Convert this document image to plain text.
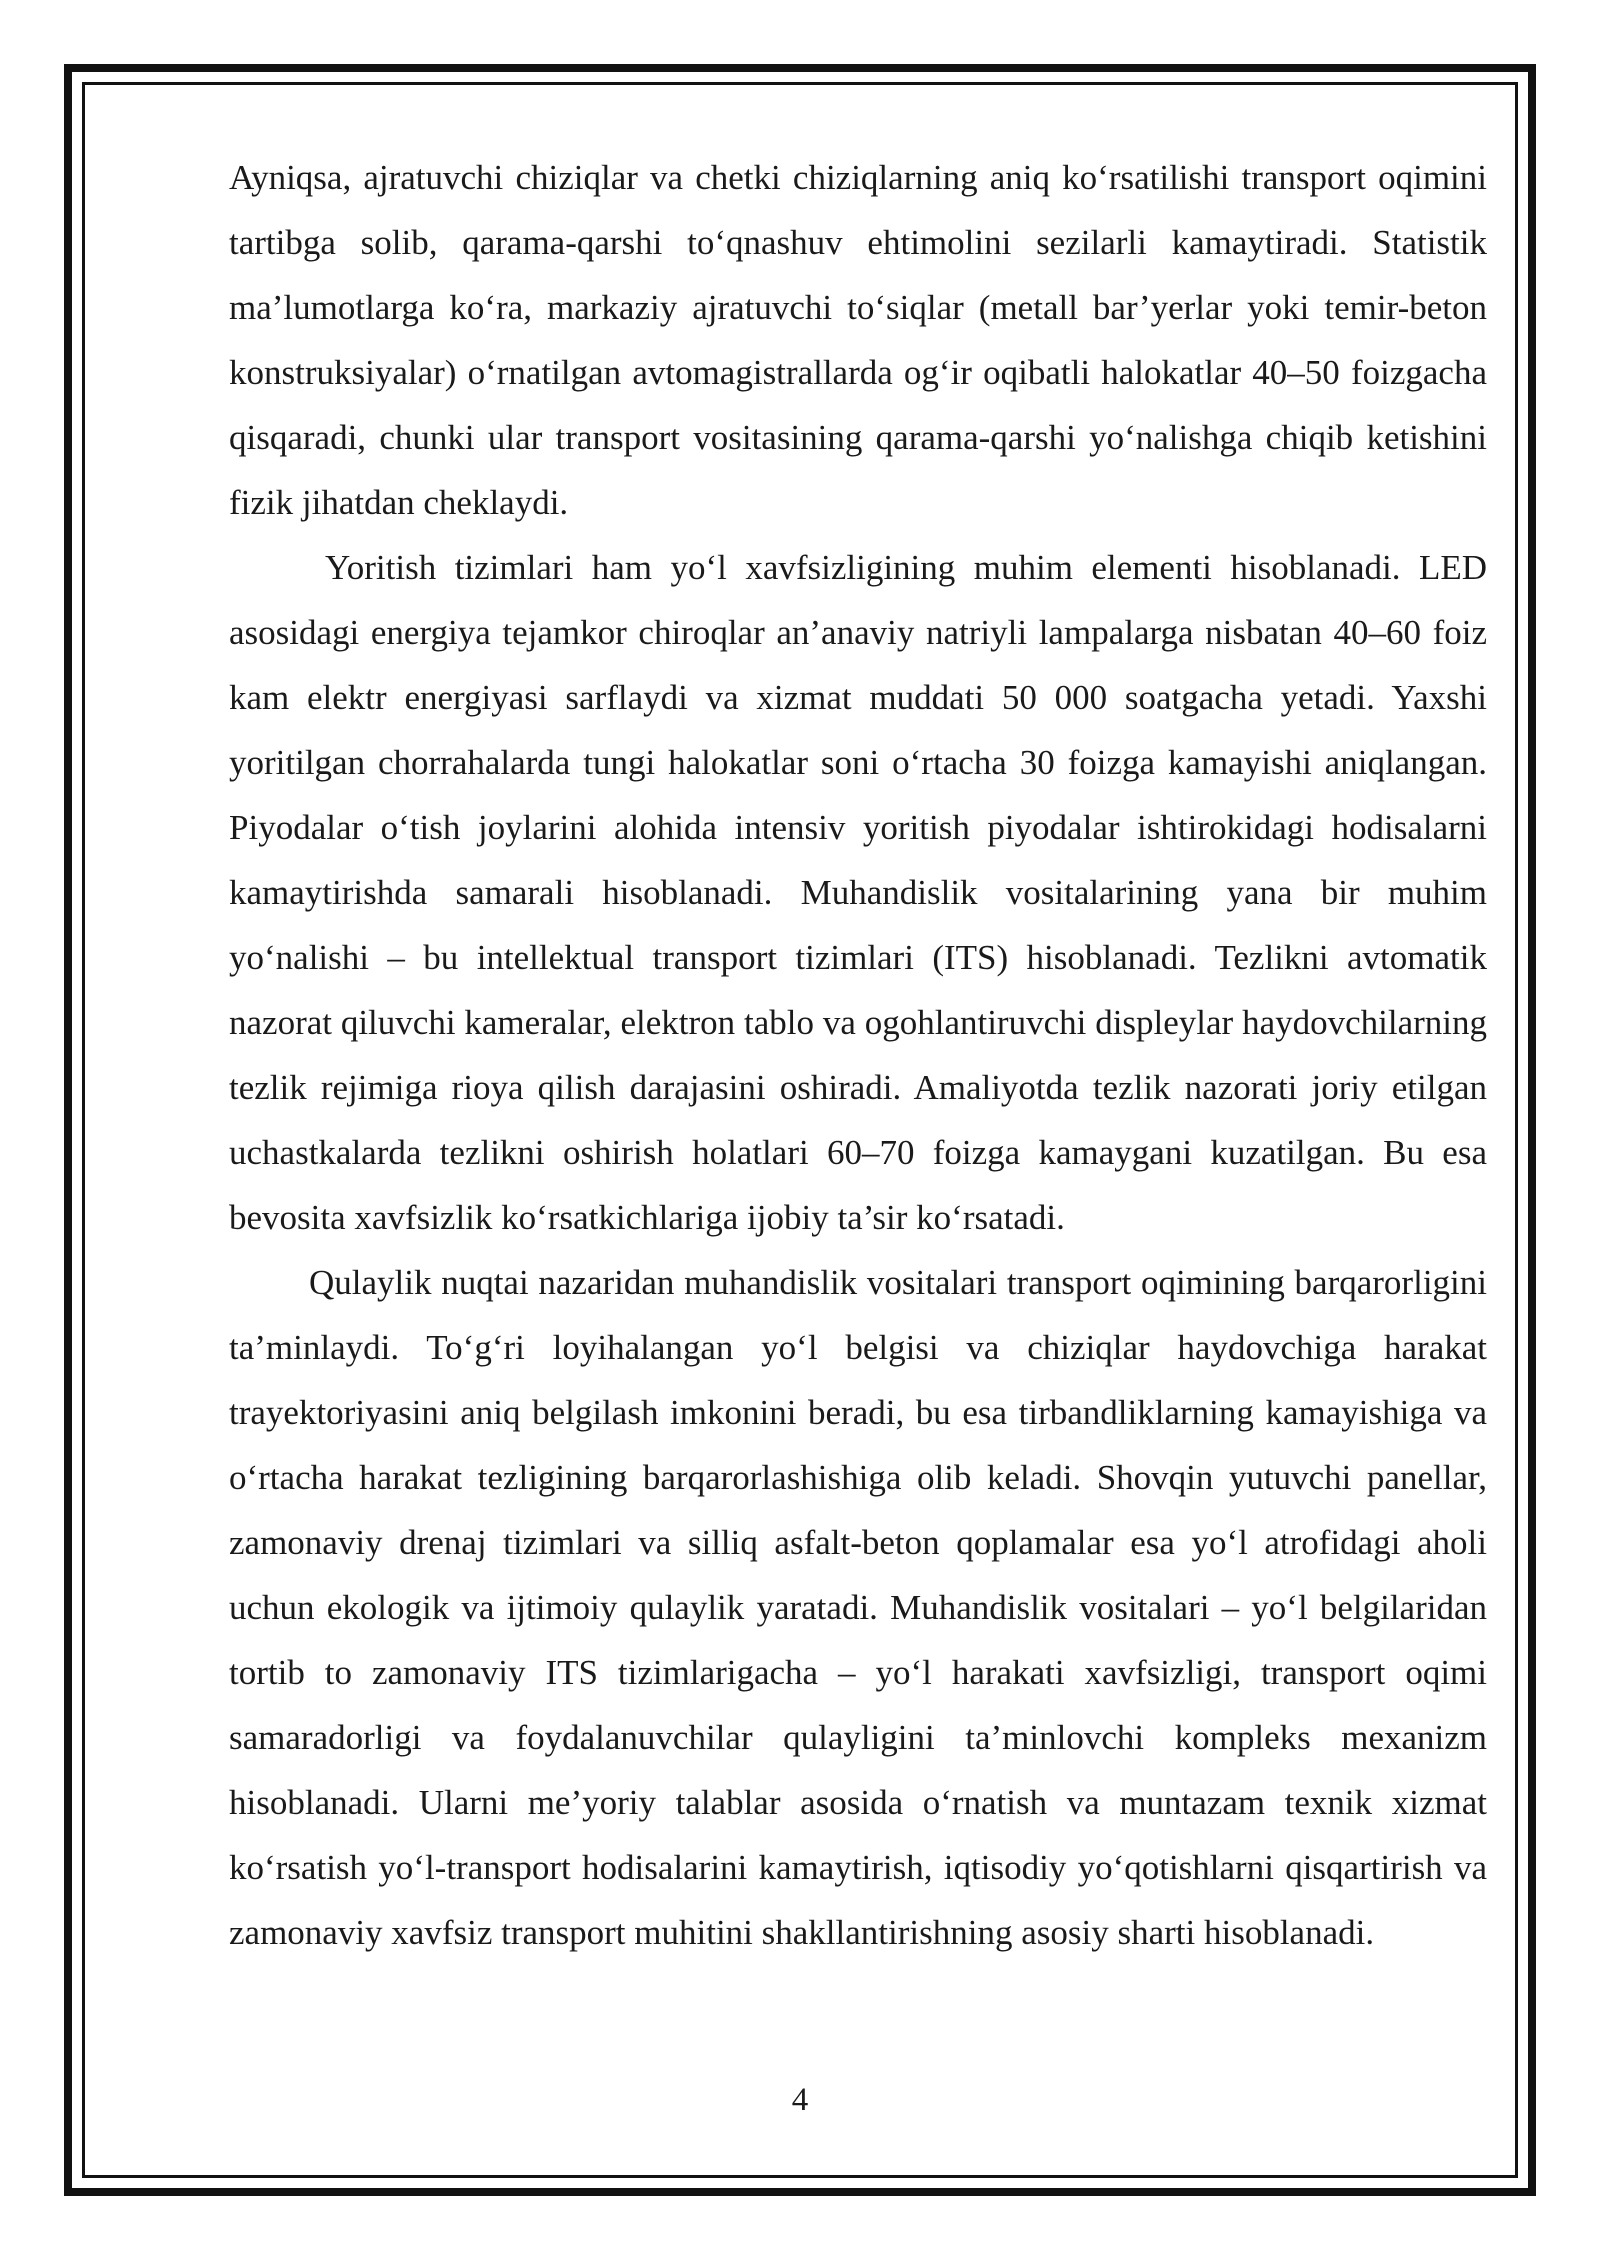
Ayniqsa, ajratuvchi chiziqlar va chetki chiziqlarning aniq ko‘rsatilishi transport oqimini tartibga solib, qarama-qarshi to‘qnashuv ehtimolini sezilarli kamaytiradi. Statistik ma’lumotlarga ko‘ra, markaziy ajratuvchi to‘siqlar (metall bar’yerlar yoki temir-beton konstruksiyalar) o‘rnatilgan avtomagistrallarda og‘ir oqibatli halokatlar 40–50 foizgacha qisqaradi, chunki ular transport vositasining qarama-qarshi yo‘nalishga chiqib ketishini fizik jihatdan cheklaydi.

Yoritish tizimlari ham yo‘l xavfsizligining muhim elementi hisoblanadi. LED asosidagi energiya tejamkor chiroqlar an’anaviy natriyli lampalarga nisbatan 40–60 foiz kam elektr energiyasi sarflaydi va xizmat muddati 50 000 soatgacha yetadi. Yaxshi yoritilgan chorrahalarda tungi halokatlar soni o‘rtacha 30 foizga kamayishi aniqlangan. Piyodalar o‘tish joylarini alohida intensiv yoritish piyodalar ishtirokidagi hodisalarni kamaytirishda samarali hisoblanadi. Muhandislik vositalarining yana bir muhim yo‘nalishi – bu intellektual transport tizimlari (ITS) hisoblanadi. Tezlikni avtomatik nazorat qiluvchi kameralar, elektron tablo va ogohlantiruvchi displeylar haydovchilarning tezlik rejimiga rioya qilish darajasini oshiradi. Amaliyotda tezlik nazorati joriy etilgan uchastkalarda tezlikni oshirish holatlari 60–70 foizga kamaygani kuzatilgan. Bu esa bevosita xavfsizlik ko‘rsatkichlariga ijobiy ta’sir ko‘rsatadi.

Qulaylik nuqtai nazaridan muhandislik vositalari transport oqimining barqarorligini ta’minlaydi. To‘g‘ri loyihalangan yo‘l belgisi va chiziqlar haydovchiga harakat trayektoriyasini aniq belgilash imkonini beradi, bu esa tirbandliklarning kamayishiga va o‘rtacha harakat tezligining barqarorlashishiga olib keladi. Shovqin yutuvchi panellar, zamonaviy drenaj tizimlari va silliq asfalt-beton qoplamalar esa yo‘l atrofidagi aholi uchun ekologik va ijtimoiy qulaylik yaratadi. Muhandislik vositalari – yo‘l belgilaridan tortib to zamonaviy ITS tizimlarigacha – yo‘l harakati xavfsizligi, transport oqimi samaradorligi va foydalanuvchilar qulayligini ta’minlovchi kompleks mexanizm hisoblanadi. Ularni me’yoriy talablar asosida o‘rnatish va muntazam texnik xizmat ko‘rsatish yo‘l-transport hodisalarini kamaytirish, iqtisodiy yo‘qotishlarni qisqartirish va zamonaviy xavfsiz transport muhitini shakllantirishning asosiy sharti hisoblanadi.

4
